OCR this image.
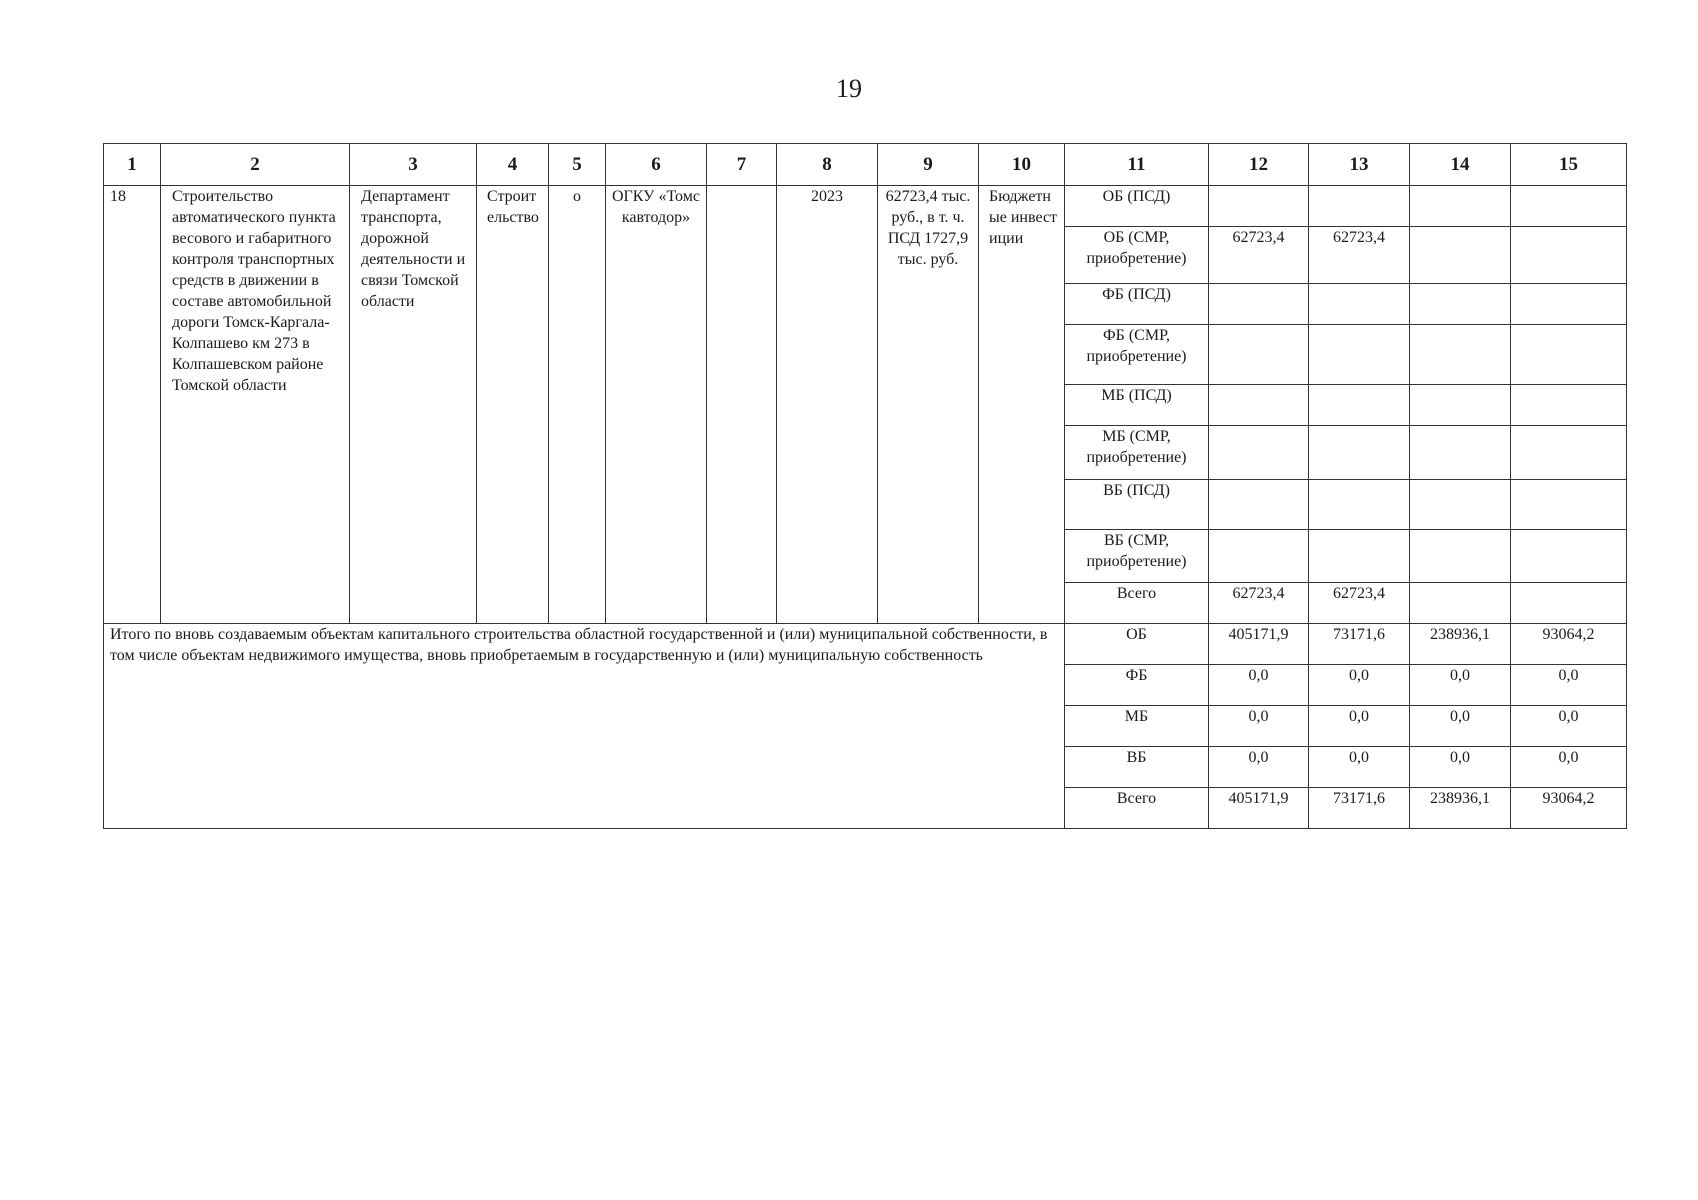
19
1	2	3	4	5	6	7	8	9	10	11	12	13	14	15
18	Строительство автоматического пункта весового и габаритного контроля транспортных средств в движении в составе автомобильной дороги Томск-Каргала-Колпашево км 273 в Колпашевском районе Томской области	Департамент транспорта, дорожной деятельности и связи Томской области	Строительство	о	ОГКУ «Томскавтодор»		2023	62723,4 тыс. руб., в т. ч. ПСД 1727,9 тыс. руб.	Бюджетные инвестиции	ОБ (ПСД)				
										ОБ (СМР, приобретение)	62723,4	62723,4		
										ФБ (ПСД)				
										ФБ (СМР, приобретение)				
										МБ (ПСД)				
										МБ (СМР, приобретение)				
										ВБ (ПСД)				
										ВБ (СМР, приобретение)				
										Всего	62723,4	62723,4		
Итого по вновь создаваемым объектам капитального строительства областной государственной и (или) муниципальной собственности, в том числе объектам недвижимого имущества, вновь приобретаемым в государственную и (или) муниципальную собственность										ОБ	405171,9	73171,6	238936,1	93064,2
										ФБ	0,0	0,0	0,0	0,0
										МБ	0,0	0,0	0,0	0,0
										ВБ	0,0	0,0	0,0	0,0
										Всего	405171,9	73171,6	238936,1	93064,2
